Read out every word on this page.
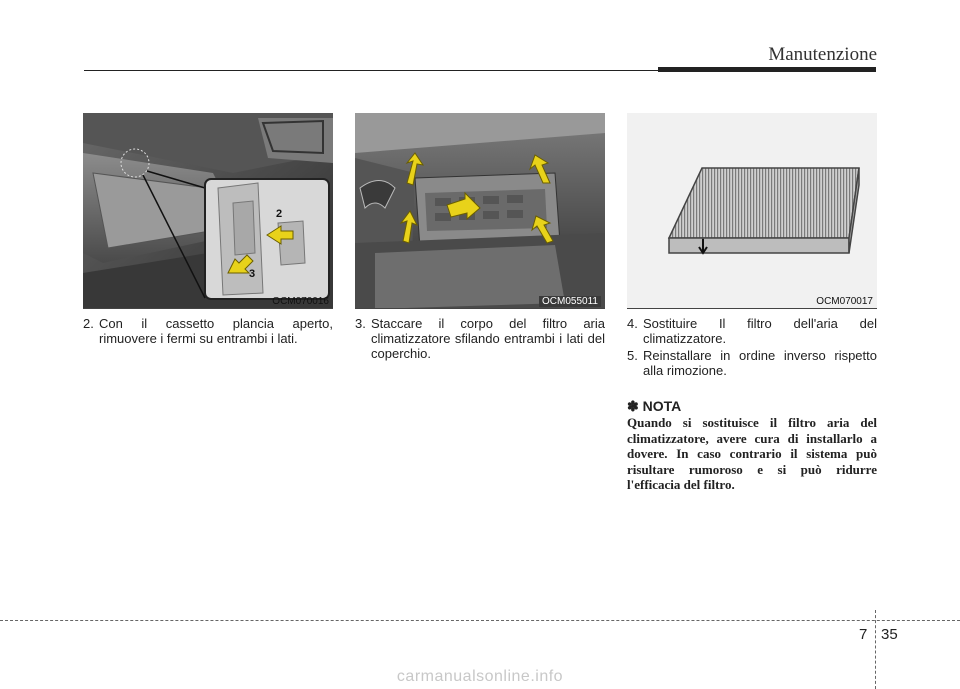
Manutenzione
2
3
OCM070016	OCM055011	OCM070017
2. Con il cassetto plancia aperto, rimuovere i fermi su entrambi i lati.
3. Staccare il corpo del filtro aria climatizzatore sfilando entrambi i lati del coperchio.
4. Sostituire Il filtro dell'aria del climatizzatore.
5. Reinstallare in ordine inverso rispetto alla rimozione.
✽ NOTA
Quando si sostituisce il filtro aria del climatizzatore, avere cura di installarlo a dovere. In caso contrario il sistema può risultare rumoroso e si può ridurre l'efficacia del filtro.
7 35
carmanualsonline.info
